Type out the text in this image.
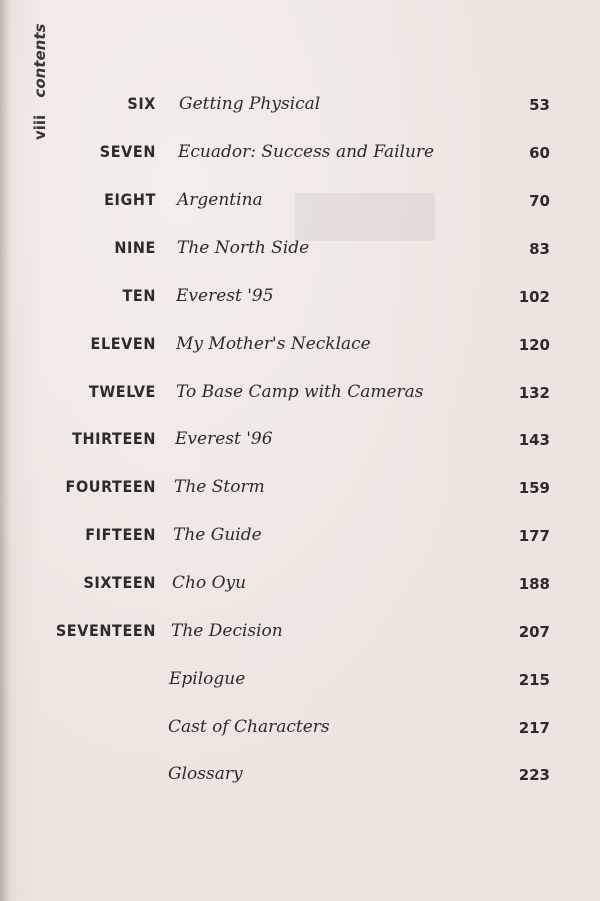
viii contents
SIX Getting Physical	53
SEVEN Ecuador: Success and Failure	60
EIGHT Argentina	70
NINE The North Side	83
TEN Everest '95	102
ELEVEN My Mother's Necklace	120
TWELVE To Base Camp with Cameras	132
THIRTEEN Everest '96	143
FOURTEEN The Storm	159
FIFTEEN The Guide	177
SIXTEEN Cho Oyu	188
SEVENTEEN The Decision	207
Epilogue	215
Cast of Characters	217
Glossary	223
